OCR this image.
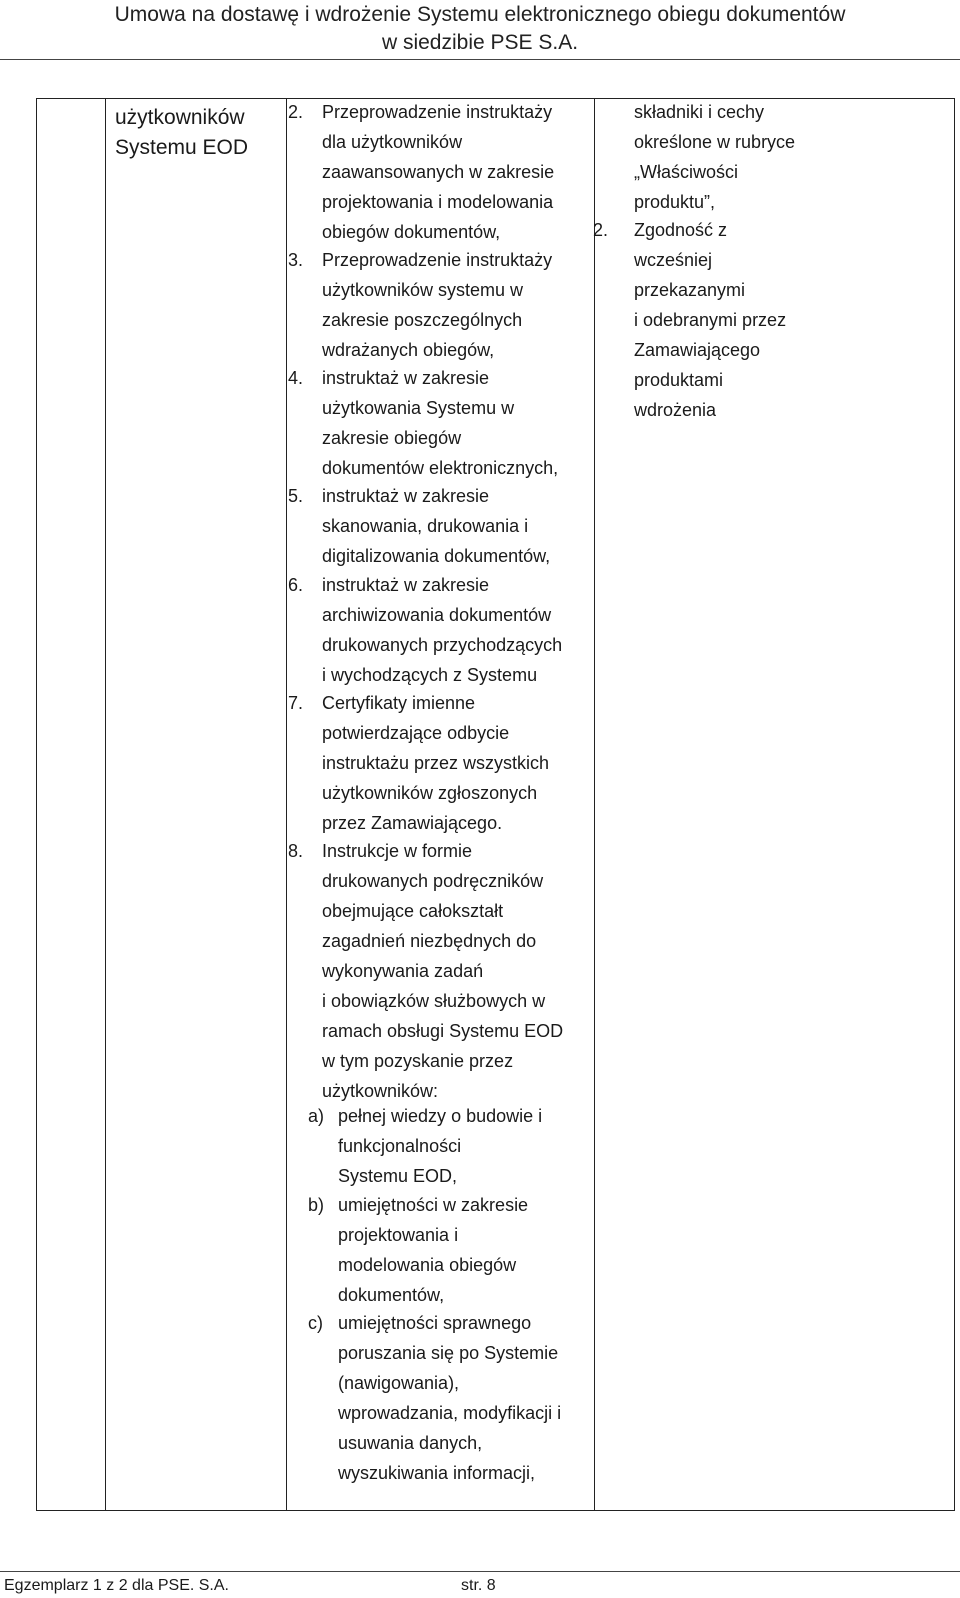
Umowa na dostawę i wdrożenie Systemu elektronicznego obiegu dokumentów
w siedzibie PSE S.A.
użytkowników
Systemu EOD
2. Przeprowadzenie instruktaży
dla użytkowników
zaawansowanych w zakresie
projektowania i modelowania
obiegów dokumentów,
3. Przeprowadzenie instruktaży
użytkowników systemu w
zakresie poszczególnych
wdrażanych obiegów,
4. instruktaż w zakresie
użytkowania Systemu w
zakresie obiegów
dokumentów elektronicznych,
5. instruktaż w zakresie
skanowania, drukowania i
digitalizowania dokumentów,
6. instruktaż w zakresie
archiwizowania dokumentów
drukowanych przychodzących
i wychodzących z Systemu
7. Certyfikaty imienne
potwierdzające odbycie
instruktażu przez wszystkich
użytkowników zgłoszonych
przez Zamawiającego.
8. Instrukcje w formie
drukowanych podręczników
obejmujące całokształt
zagadnień niezbędnych do
wykonywania zadań
i obowiązków służbowych w
ramach obsługi Systemu EOD
w tym pozyskanie przez
użytkowników:
a) pełnej wiedzy o budowie i
funkcjonalności
Systemu EOD,
b) umiejętności w zakresie
projektowania i
modelowania obiegów
dokumentów,
c) umiejętności sprawnego
poruszania się po Systemie
(nawigowania),
wprowadzania, modyfikacji i
usuwania danych,
wyszukiwania informacji,
składniki i cechy
określone w rubryce
„Właściwości
produktu”,
2. Zgodność z
wcześniej
przekazanymi
i odebranymi przez
Zamawiającego
produktami
wdrożenia
Egzemplarz 1 z 2 dla PSE. S.A.	str. 8
